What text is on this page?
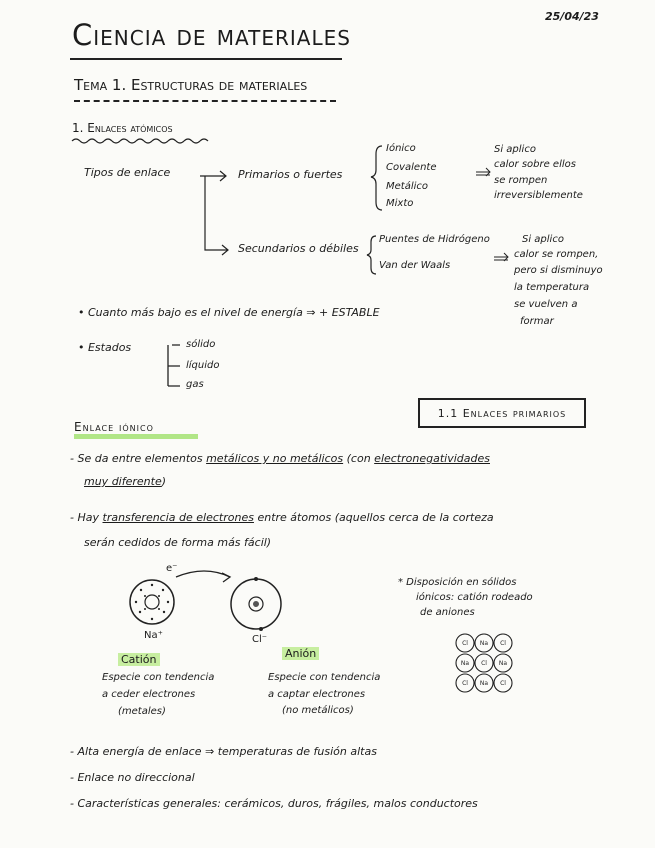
25/04/23
Ciencia de materiales
Tema 1. Estructuras de materiales
1. Enlaces atómicos
Cl Na Cl
Na Cl Na
Cl Na Cl
Tipos de enlace	Primarios o fuertes
Iónico
Covalente
Metálico
Mixto
Si aplico
calor sobre ellos
se rompen
irreversiblemente
Secundarios o débiles
Puentes de Hidrógeno
Van der Waals
Si aplico
calor se rompen,
pero si disminuyo
la temperatura
se vuelven a
formar
• Cuanto más bajo es el nivel de energía ⇒ + ESTABLE
• Estados	sólido
líquido
gas
1.1 Enlaces primarios
Enlace iónico
- Se da entre elementos metálicos y no metálicos (con electronegatividades
muy diferente)
- Hay transferencia de electrones entre átomos (aquellos cerca de la corteza
serán cedidos de forma más fácil)
e⁻
Na⁺	Cl⁻
Catión	Anión
Especie con tendencia
a ceder electrones
(metales)
Especie con tendencia
a captar electrones
(no metálicos)
* Disposición en sólidos
iónicos: catión rodeado
de aniones
- Alta energía de enlace ⇒ temperaturas de fusión altas
- Enlace no direccional
- Características generales: cerámicos, duros, frágiles, malos conductores
